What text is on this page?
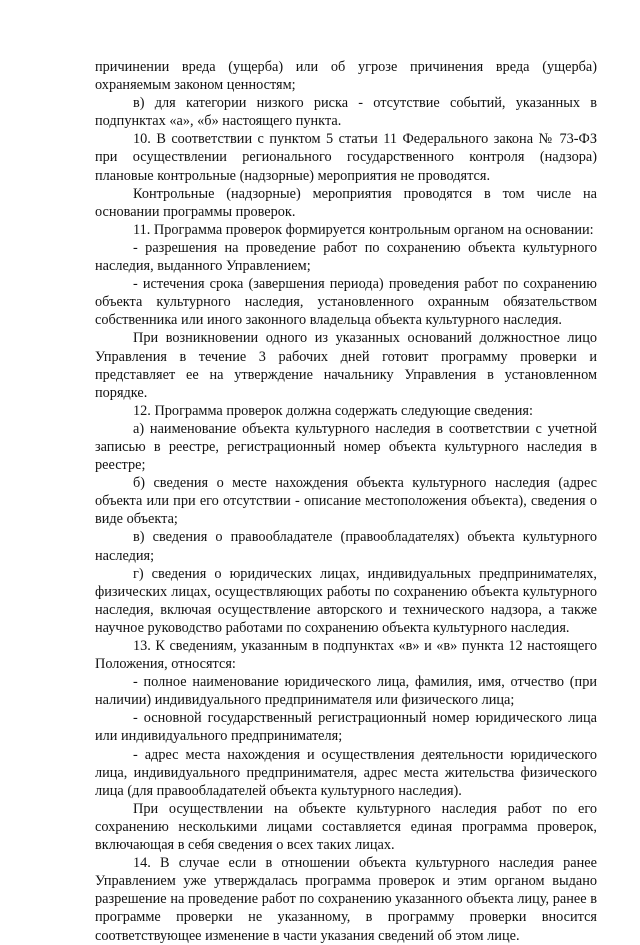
причинении вреда (ущерба) или об угрозе причинения вреда (ущерба) охраняемым законом ценностям;

в) для категории низкого риска - отсутствие событий, указанных в подпунктах «а», «б» настоящего пункта.

10. В соответствии с пунктом 5 статьи 11 Федерального закона № 73-ФЗ при осуществлении регионального государственного контроля (надзора) плановые контрольные (надзорные) мероприятия не проводятся.

Контрольные (надзорные) мероприятия проводятся в том числе на основании программы проверок.

11. Программа проверок формируется контрольным органом на основании:

- разрешения на проведение работ по сохранению объекта культурного наследия, выданного Управлением;

- истечения срока (завершения периода) проведения работ по сохранению объекта культурного наследия, установленного охранным обязательством собственника или иного законного владельца объекта культурного наследия.

При возникновении одного из указанных оснований должностное лицо Управления в течение 3 рабочих дней готовит программу проверки и представляет ее на утверждение начальнику Управления в установленном порядке.

12. Программа проверок должна содержать следующие сведения:

а) наименование объекта культурного наследия в соответствии с учетной записью в реестре, регистрационный номер объекта культурного наследия в реестре;

б) сведения о месте нахождения объекта культурного наследия (адрес объекта или при его отсутствии - описание местоположения объекта), сведения о виде объекта;

в) сведения о правообладателе (правообладателях) объекта культурного наследия;

г) сведения о юридических лицах, индивидуальных предпринимателях, физических лицах, осуществляющих работы по сохранению объекта культурного наследия, включая осуществление авторского и технического надзора, а также научное руководство работами по сохранению объекта культурного наследия.

13. К сведениям, указанным в подпунктах «в» и «в» пункта 12 настоящего Положения, относятся:

- полное наименование юридического лица, фамилия, имя, отчество (при наличии) индивидуального предпринимателя или физического лица;

- основной государственный регистрационный номер юридического лица или индивидуального предпринимателя;

- адрес места нахождения и осуществления деятельности юридического лица, индивидуального предпринимателя, адрес места жительства физического лица (для правообладателей объекта культурного наследия).

При осуществлении на объекте культурного наследия работ по его сохранению несколькими лицами составляется единая программа проверок, включающая в себя сведения о всех таких лицах.

14. В случае если в отношении объекта культурного наследия ранее Управлением уже утверждалась программа проверок и этим органом выдано разрешение на проведение работ по сохранению указанного объекта лицу, ранее в программе проверки не указанному, в программу проверки вносится соответствующее изменение в части указания сведений об этом лице.
